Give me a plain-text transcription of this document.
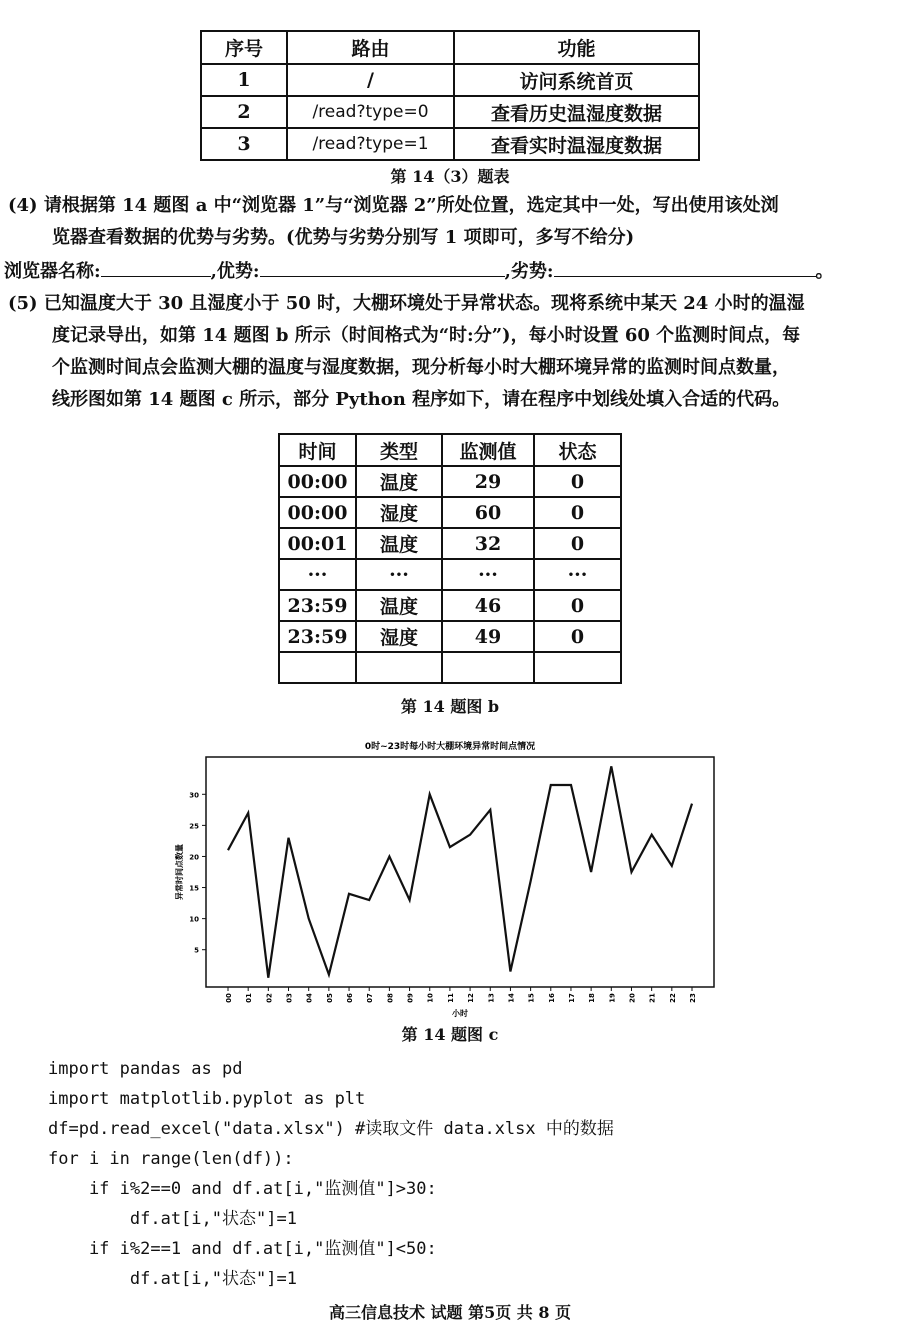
序号	路由	功能
1	/	访问系统首页
2	/read?type=0	查看历史温湿度数据
3	/read?type=1	查看实时温湿度数据
第 14（3）题表
(4) 请根据第 14 题图 a 中“浏览器 1”与“浏览器 2”所处位置，选定其中一处，写出使用该处浏
览器查看数据的优势与劣势。(优势与劣势分别写 1 项即可，多写不给分)
浏览器名称:	,优势:	,劣势:	。
(5) 已知温度大于 30 且湿度小于 50 时，大棚环境处于异常状态。现将系统中某天 24 小时的温湿
度记录导出，如第 14 题图 b 所示（时间格式为“时:分”)，每小时设置 60 个监测时间点，每
个监测时间点会监测大棚的温度与湿度数据，现分析每小时大棚环境异常的监测时间点数量，
线形图如第 14 题图 c 所示，部分 Python 程序如下，请在程序中划线处填入合适的代码。
时间	类型	监测值	状态
00:00	温度	29	0
00:00	湿度	60	0
00:01	温度	32	0
···	···	···	···
23:59	温度	46	0
23:59	湿度	49	0

第 14 题图 b
0时~23时每小时大棚环境异常时间点情况
5
10
15
20
25
30
00 01 02 03 04 05 06 07 08 09 10 11 12 13 14 15 16 17 18 19 20 21 22 23
小时
异常时间点数量
第 14 题图 c
import pandas as pd
import matplotlib.pyplot as plt
df=pd.read_excel("data.xlsx") #读取文件 data.xlsx 中的数据
for i in range(len(df)):
if i%2==0 and df.at[i,"监测值"]>30:
df.at[i,"状态"]=1
if i%2==1 and df.at[i,"监测值"]<50:
df.at[i,"状态"]=1
高三信息技术 试题 第5页 共 8 页
